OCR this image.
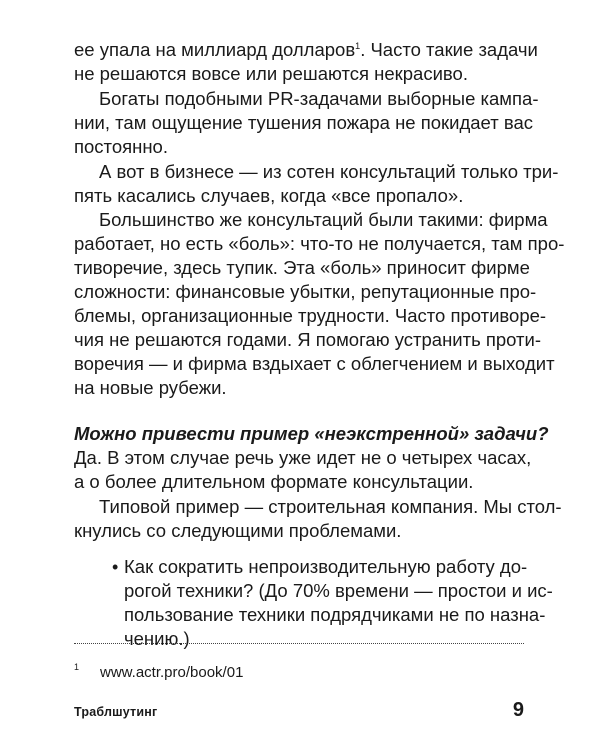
ее упала на миллиард долларов$^1$. Часто такие задачи
не решаются вовсе или решаются некрасиво.
Богаты подобными PR-задачами выборные кампа-
нии, там ощущение тушения пожара не покидает вас
постоянно.
А вот в бизнесе — из сотен консультаций только три-
пять касались случаев, когда «все пропало».
Большинство же консультаций были такими: фирма
работает, но есть «боль»: что-то не получается, там про-
тиворечие, здесь тупик. Эта «боль» приносит фирме
сложности: финансовые убытки, репутационные про-
блемы, организационные трудности. Часто противоре-
чия не решаются годами. Я помогаю устранить проти-
воречия — и фирма вздыхает с облегчением и выходит
на новые рубежи.
Можно привести пример «неэкстренной» задачи?
Да. В этом случае речь уже идет не о четырех часах,
а о более длительном формате консультации.
Типовой пример — строительная компания. Мы стол-
кнулись со следующими проблемами.
• Как сократить непроизводительную работу до-
рогой техники? (До 70% времени — простои и ис-
пользование техники подрядчиками не по назна-
1 www.actr.pro/book/01
Траблшутинг	9
чению.)
